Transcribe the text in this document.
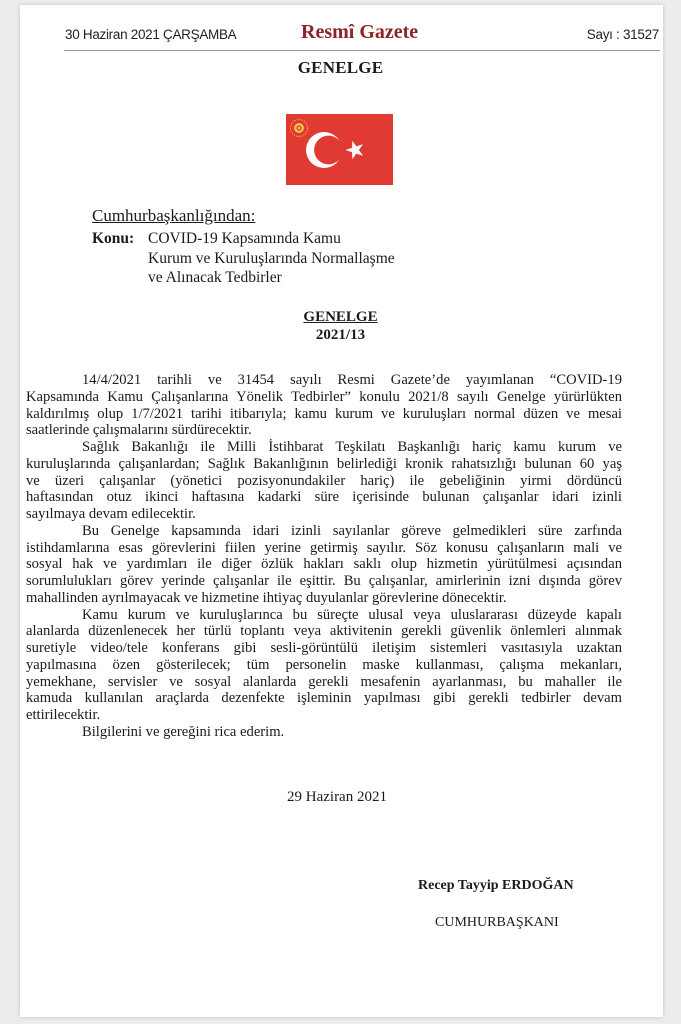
30 Haziran 2021 ÇARŞAMBA	Resmî Gazete	Sayı : 31527
GENELGE
Cumhurbaşkanlığından:
Konu: COVID-19 Kapsamında Kamu
Kurum ve Kuruluşlarında Normallaşme
ve Alınacak Tedbirler
GENELGE
2021/13

14/4/2021 tarihli ve 31454 sayılı Resmi Gazete’de yayımlanan “COVID-19
Kapsamında Kamu Çalışanlarına Yönelik Tedbirler” konulu 2021/8 sayılı Genelge yürürlükten
kaldırılmış olup 1/7/2021 tarihi itibarıyla; kamu kurum ve kuruluşları normal düzen ve mesai
saatlerinde çalışmalarını sürdürecektir.

Sağlık Bakanlığı ile Milli İstihbarat Teşkilatı Başkanlığı hariç kamu kurum ve
kuruluşlarında çalışanlardan; Sağlık Bakanlığının belirlediği kronik rahatsızlığı bulunan 60 yaş
ve üzeri çalışanlar (yönetici pozisyonundakiler hariç) ile gebeliğinin yirmi dördüncü
haftasından otuz ikinci haftasına kadarki süre içerisinde bulunan çalışanlar idari izinli
sayılmaya devam edilecektir.

Bu Genelge kapsamında idari izinli sayılanlar göreve gelmedikleri süre zarfında
istihdamlarına esas görevlerini fiilen yerine getirmiş sayılır. Söz konusu çalışanların mali ve
sosyal hak ve yardımları ile diğer özlük hakları saklı olup hizmetin yürütülmesi açısından
sorumlulukları görev yerinde çalışanlar ile eşittir. Bu çalışanlar, amirlerinin izni dışında görev
mahallinden ayrılmayacak ve hizmetine ihtiyaç duyulanlar görevlerine dönecektir.

Kamu kurum ve kuruluşlarınca bu süreçte ulusal veya uluslararası düzeyde kapalı
alanlarda düzenlenecek her türlü toplantı veya aktivitenin gerekli güvenlik önlemleri alınmak
suretiyle video/tele konferans gibi sesli-görüntülü iletişim sistemleri vasıtasıyla uzaktan
yapılmasına özen gösterilecek; tüm personelin maske kullanması, çalışma mekanları,
yemekhane, servisler ve sosyal alanlarda gerekli mesafenin ayarlanması, bu mahaller ile
kamuda kullanılan araçlarda dezenfekte işleminin yapılması gibi gerekli tedbirler devam
ettirilecektir.

Bilgilerini ve gereğini rica ederim.

29 Haziran 2021
Recep Tayyip ERDOĞAN
CUMHURBAŞKANI
